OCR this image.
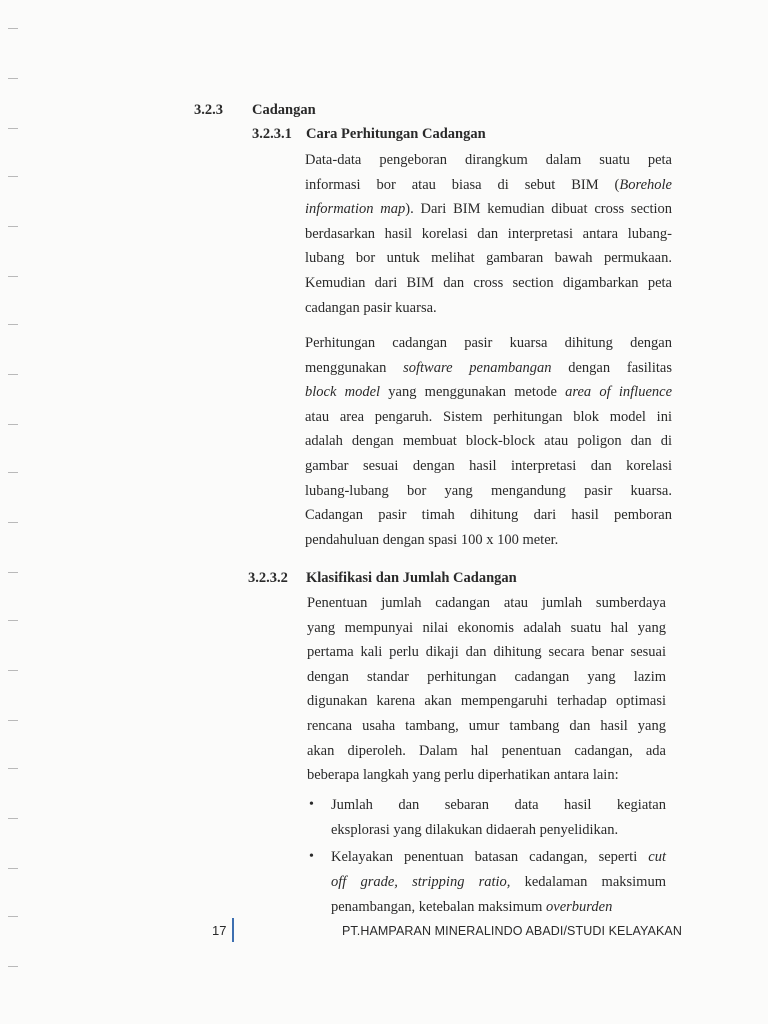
3.2.3 Cadangan
3.2.3.1 Cara Perhitungan Cadangan
Data-data pengeboran dirangkum dalam suatu peta
informasi bor atau biasa di sebut BIM (Borehole
information map). Dari BIM kemudian dibuat cross section
berdasarkan hasil korelasi dan interpretasi antara lubang-
lubang bor untuk melihat gambaran bawah permukaan.
Kemudian dari BIM dan cross section digambarkan peta
cadangan pasir kuarsa.
Perhitungan cadangan pasir kuarsa dihitung dengan
menggunakan software penambangan dengan fasilitas
block model yang menggunakan metode area of influence
atau area pengaruh. Sistem perhitungan blok model ini
adalah dengan membuat block-block atau poligon dan di
gambar sesuai dengan hasil interpretasi dan korelasi
lubang-lubang bor yang mengandung pasir kuarsa.
Cadangan pasir timah dihitung dari hasil pemboran
pendahuluan dengan spasi 100 x 100 meter.
3.2.3.2 Klasifikasi dan Jumlah Cadangan
Penentuan jumlah cadangan atau jumlah sumberdaya
yang mempunyai nilai ekonomis adalah suatu hal yang
pertama kali perlu dikaji dan dihitung secara benar sesuai
dengan standar perhitungan cadangan yang lazim
digunakan karena akan mempengaruhi terhadap optimasi
rencana usaha tambang, umur tambang dan hasil yang
akan diperoleh. Dalam hal penentuan cadangan, ada
beberapa langkah yang perlu diperhatikan antara lain:
• Jumlah dan sebaran data hasil kegiatan
eksplorasi yang dilakukan didaerah penyelidikan.
• Kelayakan penentuan batasan cadangan, seperti cut
off grade, stripping ratio, kedalaman maksimum
penambangan, ketebalan maksimum overburden
17	PT.HAMPARAN MINERALINDO ABADI/STUDI KELAYAKAN
